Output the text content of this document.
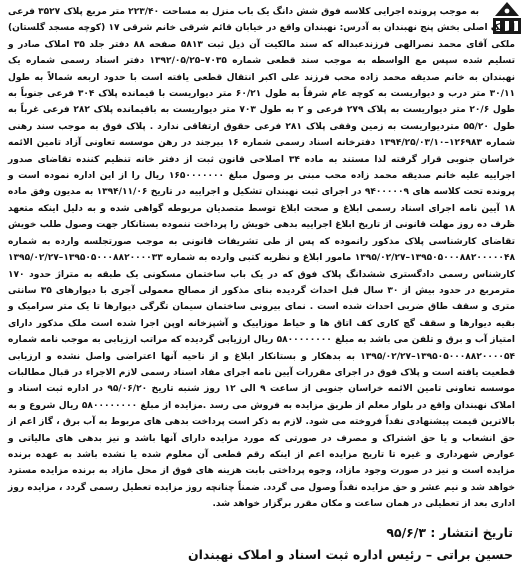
به موجب پرونده اجرایی کلاسه فوق شش دانگ یک باب منزل به مساحت ۲۲۳/۴۰ متر مربع پلاک ۳۵۲۷ فرعی از یک اصلی بخش پنج نهبندان به آدرس: نهبندان واقع در خیابان قائم شرقی خانم شرقی ۱۷ (کوچه مسجد گلستان) ملکی آقای محمد نصرالهی فرزندعبداله که سند مالکیت آن ذیل ثبت ۵۸۱۳ صفحه ۸۸ دفتر جلد ۳۵ املاک صادر و تسلیم شده سپس مع الواسطه به موجب سند قطعی شماره ۷۰۳۵–۱۳۹۲/۰۵/۲۵ دفتر اسناد رسمی شماره یک نهبندان به خانم صدیقه محمد زاده محب فرزند علی اکبر انتقال قطعی یافته است با حدود اربعه شمالاً به طول ۳۰/۱۱ متر درب و دیواریست به کوچه عام شرقاً به طول ۶۰/۲۱ متر دیواریست با قیمانده پلاک ۳۰۴ فرعی جنوباً به طول ۲۰/۶ متر دیواریست به پلاک ۲۷۹ فرعی و ۲ به طول ۷۰۳ متر دیواریست به باقیمانده پلاک ۲۸۲ فرعی غرباً به طول ۵۵/۲۰ متردیواریست به زمین وقفی پلاک ۲۸۱ فرعی حقوق ارتفاقی ندارد . پلاک فوق به موجب سند رهنی شماره ۱۲۶۹۸۳–۱۳۹۴/۲۵/۰۳/۱۰ دفترخانه اسناد رسمی شماره ۱۶ بیرجند در رهن موسسه تعاونی آزاد تامین الائمه خراسان جنوبی قرار گرفته لذا مستند به ماده ۳۴ اصلاحی قانون ثبت از دفتر خانه تنظیم کننده تقاضای صدور اجراییه علیه خانم صدیقه محمد زاده محب مبنی بر وصول مبلغ ۱۶۵۰۰۰۰۰۰۰ ریال را از این اداره نموده است و پرونده تحت کلاسه های ۹۴۰۰۰۰۰۹ در اجرای ثبت نهبندان تشکیل و اجراییه در تاریخ ۱۳۹۴/۱۱/۰۶ به مدیون وفق ماده ۱۸ آیین نامه اجرای اسناد رسمی ابلاغ و صحت ابلاغ توسط متصدیان مربوطه گواهی شده و به دلیل اینکه متعهد ظرف ده روز مهلت قانونی از تاریخ ابلاغ اجراییه بدهی خویش را پرداخت ننموده بستانکار جهت وصول طلب خویش تقاضای کارشناسی پلاک مذکور رانموده که پس از طی تشریفات قانونی به موجب صورتجلسه وارده به شماره ۱۳۹۵۰۵۰۰۰۸۸۲۰۰۰۰۰۴۸–۱۳۹۵/۰۲/۲۷ مامور ابلاغ و نظریه کتبی وارده به شماره ۱۳۹۵۰۵۰۰۰۸۸۲۰۰۰۰۳۳–۱۳۹۵/۰۲/۲۷ کارشناس رسمی دادگستری ششدانگ پلاک فوق که در یک باب ساختمان مسکونی یک طبقه به متراژ حدود ۱۷۰ مترمربع در حدود بیش از ۳۰ سال قبل احداث گردیده بنای مذکور از مصالح معمولی آجری با دیوارهای ۳۵ سانتی متری و سقف طاق ضربی احداث شده است . نمای بیرونی ساختمان سیمان تگرگی دیوارها تا یک متر سرامیک و بقیه دیوارها و سقف گچ کاری کف اتاق ها و حیاط موزاییک و آشپزخانه اوپن اجرا شده است ملک مذکور دارای امتیاز آب و برق و تلفن می باشد به مبلغ ۵۸۰۰۰۰۰۰۰۰ ریال ارزیابی گردیده که مراتب ارزیابی به موجب نامه شماره ۱۳۹۵۰۵۰۰۰۸۸۲۰۰۰۰۵۴–۱۳۹۵/۰۲/۲۷ به بدهکار و بستانکار ابلاغ و از ناحیه آنها اعتراضی واصل نشده و ارزیابی قطعیت یافته است و پلاک فوق در اجرای مقررات آیین نامه اجرای مفاد اسناد رسمی لازم الاجراء در قبال مطالبات موسسه تعاونی تامین الائمه خراسان جنوبی از ساعت ۹ الی ۱۲ روز شنبه تاریخ ۹۵/۰۶/۲۰ در اداره ثبت اسناد و املاک نهبندان واقع در بلوار معلم از طریق مزایده به فروش می رسد .مزایده از مبلغ ۵۸۰۰۰۰۰۰۰۰ ریال شروع و به بالاترین قیمت پیشنهادی نقداً فروخته می شود. لازم به ذکر است پرداخت بدهی های مربوط به آب برق ، گاز اعم از حق انشعاب و یا حق اشتراک و مصرف در صورتی که مورد مزایده دارای آنها باشد و نیز بدهی های مالیاتی و عوارض شهرداری و غیره تا تاریخ مزایده اعم از اینکه رقم قطعی آن معلوم شده یا نشده باشد به عهده برنده مزایده است و نیز در صورت وجود مازاد، وجوه پرداختی بابت هزینه های فوق از محل مازاد به برنده مزایده مسترد خواهد شد و نیم عشر و حق مزایده نقداً وصول می گردد. ضمناً چنانچه روز مزایده تعطیل رسمی گردد ، مزایده روز اداری بعد از تعطیلی در همان ساعت و مکان مقرر برگزار خواهد شد.
تاریخ انتشار : ۹۵/۶/۳
حسین براتی – رئیس اداره ثبت اسناد و املاک نهبندان
